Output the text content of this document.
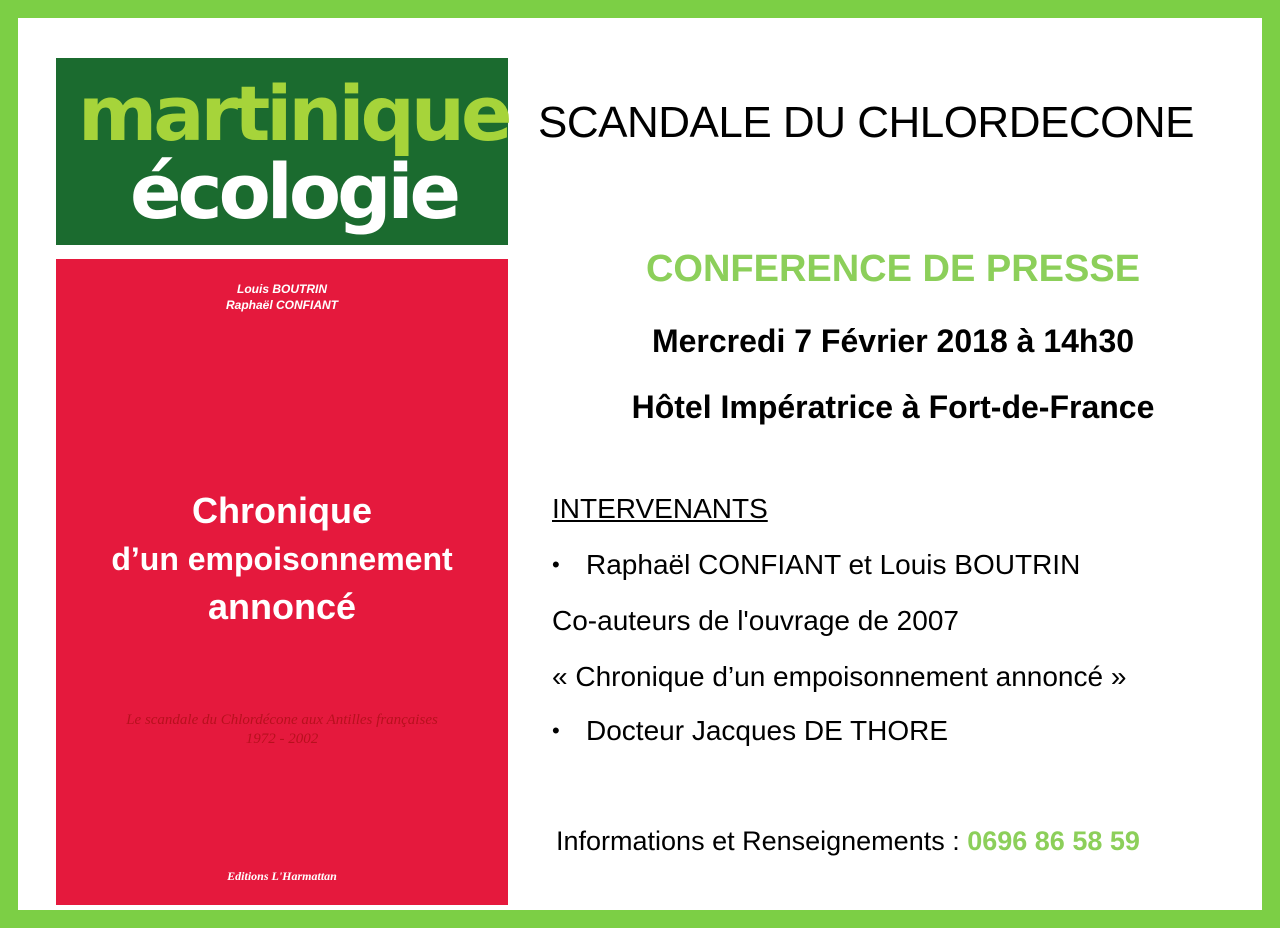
martinique
écologie
Louis BOUTRIN
Raphaël CONFIANT
Chronique
d’un empoisonnement
annoncé
Le scandale du Chlordécone aux Antilles françaises
1972 - 2002
Editions L'Harmattan
SCANDALE DU CHLORDECONE
CONFERENCE DE PRESSE
Mercredi 7 Février 2018 à 14h30
Hôtel Impératrice à Fort-de-France
INTERVENANTS
• Raphaël CONFIANT et Louis BOUTRIN
Co-auteurs de l'ouvrage de 2007
« Chronique d’un empoisonnement annoncé »
• Docteur Jacques DE THORE
Informations et Renseignements : 0696 86 58 59
